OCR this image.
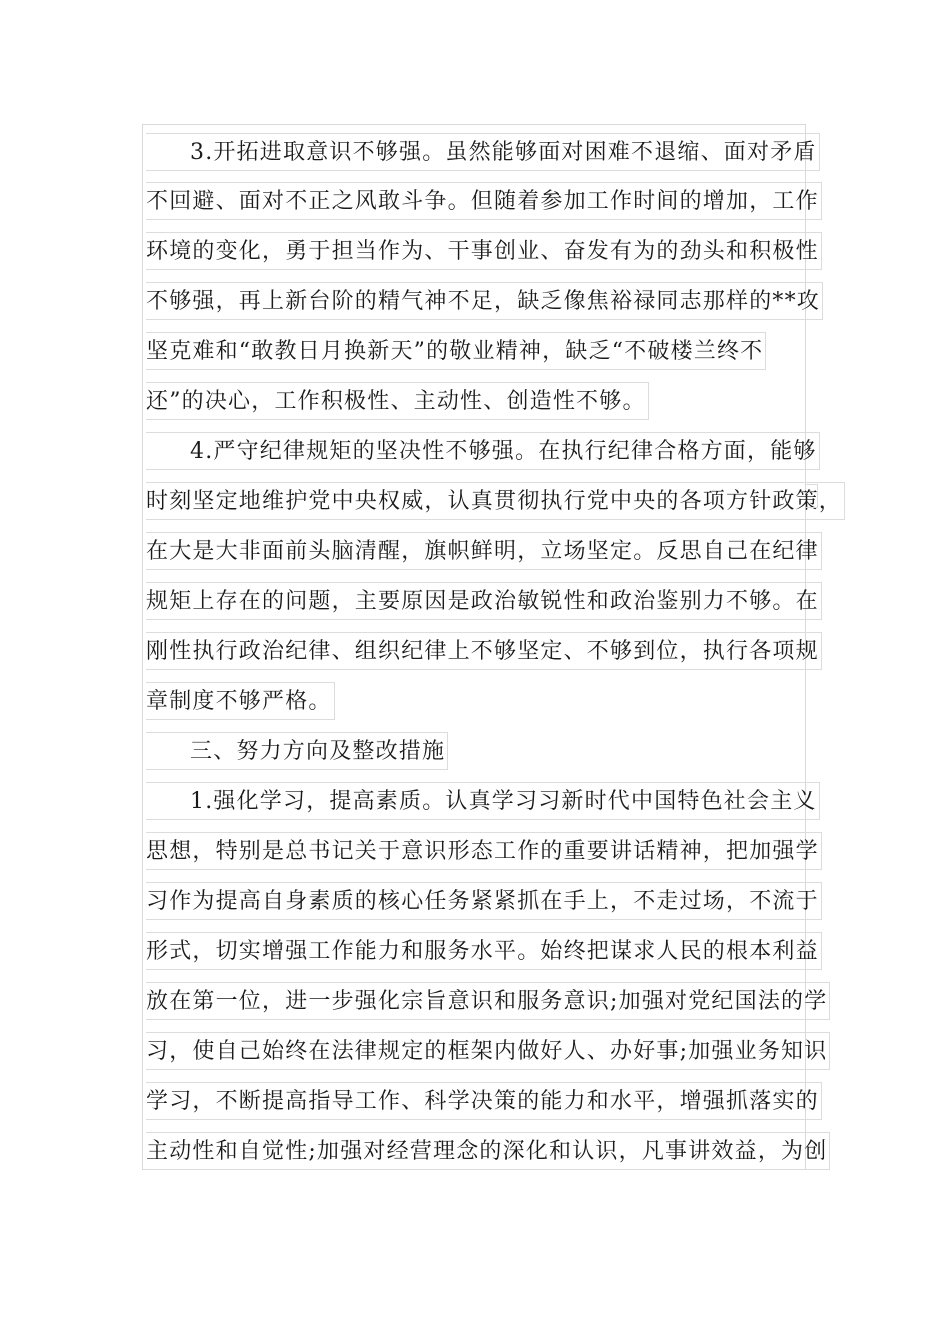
3.开拓进取意识不够强。虽然能够面对困难不退缩、面对矛盾
不回避、面对不正之风敢斗争。但随着参加工作时间的增加，工作
环境的变化，勇于担当作为、干事创业、奋发有为的劲头和积极性
不够强，再上新台阶的精气神不足，缺乏像焦裕禄同志那样的**攻
坚克难和“敢教日月换新天”的敬业精神，缺乏“不破楼兰终不
还”的决心，工作积极性、主动性、创造性不够。
4.严守纪律规矩的坚决性不够强。在执行纪律合格方面，能够
时刻坚定地维护党中央权威，认真贯彻执行党中央的各项方针政策，
在大是大非面前头脑清醒，旗帜鲜明，立场坚定。反思自己在纪律
规矩上存在的问题，主要原因是政治敏锐性和政治鉴别力不够。在
刚性执行政治纪律、组织纪律上不够坚定、不够到位，执行各项规
章制度不够严格。
三、努力方向及整改措施
1.强化学习，提高素质。认真学习习新时代中国特色社会主义
思想，特别是总书记关于意识形态工作的重要讲话精神，把加强学
习作为提高自身素质的核心任务紧紧抓在手上，不走过场，不流于
形式，切实增强工作能力和服务水平。始终把谋求人民的根本利益
放在第一位，进一步强化宗旨意识和服务意识;加强对党纪国法的学
习，使自己始终在法律规定的框架内做好人、办好事;加强业务知识
学习，不断提高指导工作、科学决策的能力和水平，增强抓落实的
主动性和自觉性;加强对经营理念的深化和认识，凡事讲效益，为创
